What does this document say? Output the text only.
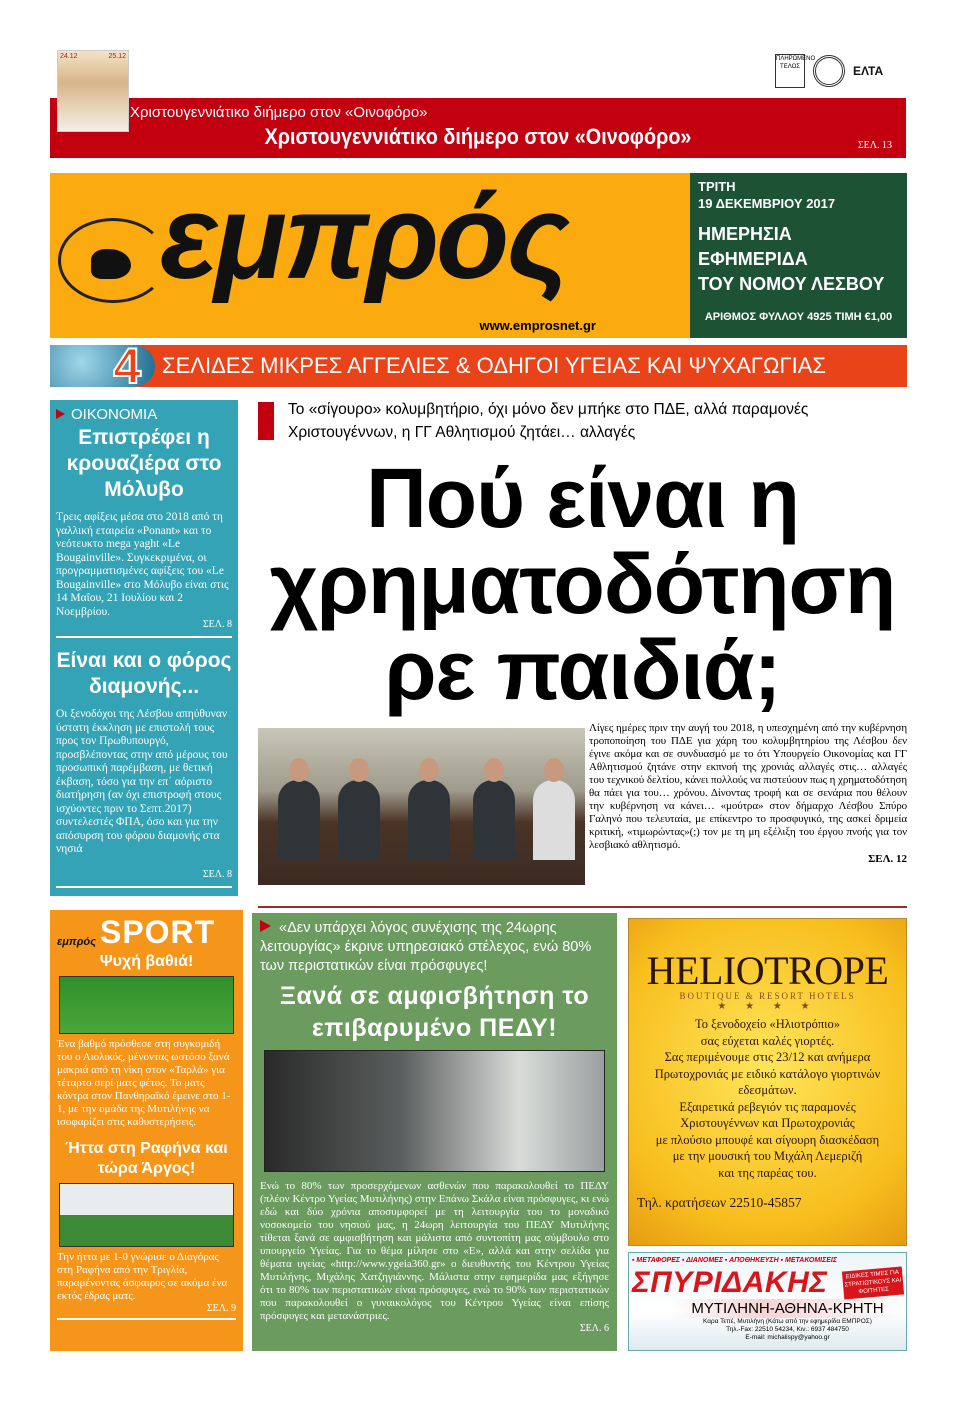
24.12	25.12	ΠΛΗΡΩΜΕΝΟ ΤΕΛΟΣ	ΕΛΤΑ
Χριστουγεννιάτικο διήμερο στον «Οινοφόρο»
Χριστουγεννιάτικο διήμερο στον «Οινοφόρο»	ΣΕΛ. 13
εμπρός
www.emprosnet.gr
ΤΡΙΤΗ
19 ΔΕΚΕΜΒΡΙΟΥ 2017
ΗΜΕΡΗΣΙΑ
ΕΦΗΜΕΡΙΔΑ
ΤΟΥ ΝΟΜΟΥ ΛΕΣΒΟΥ
ΑΡΙΘΜΟΣ ΦΥΛΛΟΥ 4925 ΤΙΜΗ €1,00
4 ΣΕΛΙΔΕΣ ΜΙΚΡΕΣ ΑΓΓΕΛΙΕΣ & ΟΔΗΓΟΙ ΥΓΕΙΑΣ ΚΑΙ ΨΥΧΑΓΩΓΙΑΣ
ΟΙΚΟΝΟΜΙΑ
Επιστρέφει η κρουαζιέρα στο Μόλυβο

Τρεις αφίξεις μέσα στο 2018 από τη γαλλική εταιρεία «Ponant» και το νεότευκτο mega yaght «Le Bougainville». Συγκεκριμένα, οι προγραμματισμένες αφίξεις του «Le Bougainville» στο Μόλυβο είναι στις 14 Μαΐου, 21 Ιουλίου και 2 Νοεμβρίου.

ΣΕΛ. 8
Είναι και ο φόρος διαμονής...

Οι ξενοδόχοι της Λέσβου απηύθυναν ύστατη έκκληση με επιστολή τους προς τον Πρωθυπουργό, προσβλέποντας στην από μέρους του προσωπική παρέμβαση, με θετική έκβαση, τόσο για την επ΄ αόριστο διατήρηση (αν όχι επιστροφή στους ισχύοντες πριν το Σεπτ.2017) συντελεστές ΦΠΑ, όσο και για την απόσυρση του φόρου διαμονής στα νησιά

ΣΕΛ. 8
Το «σίγουρο» κολυμβητήριο, όχι μόνο δεν μπήκε στο ΠΔΕ, αλλά παραμονές Χριστουγέννων, η ΓΓ Αθλητισμού ζητάει… αλλαγές
Πού είναι η χρηματοδότηση ρε παιδιά;
Λίγες ημέρες πριν την αυγή του 2018, η υπεσχημένη από την κυβέρνηση τροποποίηση του ΠΔΕ για χάρη του κολυμβητηρίου της Λέσβου δεν έγινε ακόμα και σε συνδυασμό με το ότι Υπουργείο Οικονομίας και ΓΓ Αθλητισμού ζητάνε στην εκπνοή της χρονιάς αλλαγές στις… αλλαγές του τεχνικού δελτίου, κάνει πολλούς να πιστεύουν πως η χρηματοδότηση θα πάει για του… χρόνου. Δίνοντας τροφή και σε σενάρια που θέλουν την κυβέρνηση να κάνει… «μούτρα» στον δήμαρχο Λέσβου Σπύρο Γαληνό που τελευταία, με επίκεντρο το προσφυγικό, της ασκεί δριμεία κριτική, «τιμωρώντας»(;) τον με τη μη εξέλιξη του έργου πνοής για τον λεσβιακό αθλητισμό.
ΣΕΛ. 12
εμπρός SPORT
Ψυχή βαθιά!

Ένα βαθμό πρόσθεσε στη συγκομιδή του ο Αιολικός, μένοντας ωστόσο ξανά μακριά από τη νίκη στον «Ταρλά» για τέταρτο σερί ματς φέτος. Το ματς κόντρα στον Πανθηραϊκό έμεινε στο 1-1, με την ομάδα της Μυτιλήνης να ισοφαρίζει στις καθυστερήσεις.

Ήττα στη Ραφήνα και τώρα Άργος!

Την ήττα με 1-0 γνώρισε ο Διαγόρας στη Ραφήνα από την Τριγλία, παραμένοντας άσφαιρος σε ακόμα ένα εκτός έδρας ματς.

ΣΕΛ. 9
«Δεν υπάρχει λόγος συνέχισης της 24ωρης λειτουργίας» έκρινε υπηρεσιακό στέλεχος, ενώ 80% των περιστατικών είναι πρόσφυγες!
Ξανά σε αμφισβήτηση το επιβαρυμένο ΠΕΔΥ!

Ενώ το 80% των προσερχόμενων ασθενών που παρακολουθεί το ΠΕΔΥ (πλέον Κέντρο Υγείας Μυτιλήνης) στην Επάνω Σκάλα είναι πρόσφυγες, κι ενώ εδώ και δύο χρόνια αποσυμφορεί με τη λειτουργία του το μοναδικό νοσοκομείο του νησιού μας, η 24ωρη λειτουργία του ΠΕΔΥ Μυτιλήνης τίθεται ξανά σε αμφισβήτηση και μάλιστα από συντοπίτη μας σύμβουλο στο υπουργείο Υγείας. Για το θέμα μίλησε στο «Ε», αλλά και στην σελίδα για θέματα υγείας «http://www.ygeia360.gr» ο διευθυντής του Κέντρου Υγείας Μυτιλήνης, Μιχάλης Χατζηγιάννης. Μάλιστα στην εφημερίδα μας εξήγησε ότι το 80% των περιστατικών είναι πρόσφυγες, ενώ το 90% των περιστατικών που παρακολουθεί ο γυναικολόγος του Κέντρου Υγείας είναι επίσης πρόσφυγες και μετανάστριες.

ΣΕΛ. 6
HELIOTROPE
BOUTIQUE & RESORT HOTELS
★ ★ ★ ★

Το ξενοδοχείο «Ηλιοτρόπιο»
σας εύχεται καλές γιορτές.
Σας περιμένουμε στις 23/12 και ανήμερα
Πρωτοχρονιάς με ειδικό κατάλογο γιορτινών
εδεσμάτων.
Εξαιρετικά ρεβεγιόν τις παραμονές
Χριστουγέννων και Πρωτοχρονιάς
με πλούσιο μπουφέ και σίγουρη διασκέδαση
με την μουσική του Μιχάλη Λεμεριζή
και της παρέας του.

Τηλ. κρατήσεων 22510-45857
▪ ΜΕΤΑΦΟΡΕΣ ▪ ΔΙΑΝΟΜΕΣ ▪ ΑΠΟΘΗΚΕΥΣΗ ▪ ΜΕΤΑΚΟΜΙΣΕΙΣ
ΣΠΥΡΙΔΑΚΗΣ	ΕΙΔΙΚΕΣ ΤΙΜΕΣ ΓΙΑ ΣΤΡΑΤΙΩΤΙΚΟΥΣ ΚΑΙ ΦΟΙΤΗΤΕΣ
ΜΥΤΙΛΗΝΗ-ΑΘΗΝΑ-ΚΡΗΤΗ
Καρα Τεπέ, Μυτιλήνη (Κάτω από την εφημερίδα ΕΜΠΡΟΣ)
Τηλ.-Fax: 22510 54234, Κιν.: 6937 484750
E-mail: michalispy@yahoo.gr
